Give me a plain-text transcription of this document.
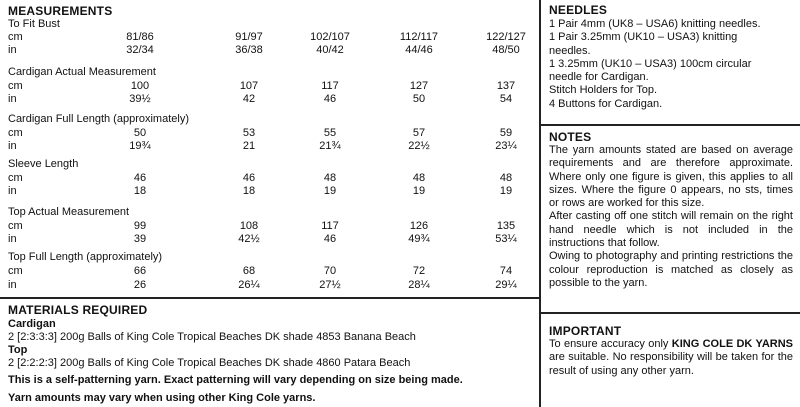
MEASUREMENTS
To Fit Bust
cm	81/86	91/97	102/107	112/117	122/127
in	32/34	36/38	40/42	44/46	48/50
Cardigan Actual Measurement
cm	100	107	117	127	137
in	39½	42	46	50	54
Cardigan Full Length (approximately)
cm	50	53	55	57	59
in	19¾	21	21¾	22½	23¼
Sleeve Length
cm	46	46	48	48	48
in	18	18	19	19	19
Top Actual Measurement
cm	99	108	117	126	135
in	39	42½	46	49¾	53¼
Top Full Length (approximately)
cm	66	68	70	72	74
in	26	26¼	27½	28¼	29¼
MATERIALS REQUIRED
Cardigan
2 [2:3:3:3] 200g Balls of King Cole Tropical Beaches DK shade 4853 Banana Beach
Top
2 [2:2:2:3] 200g Balls of King Cole Tropical Beaches DK shade 4860 Patara Beach
This is a self-patterning yarn. Exact patterning will vary depending on size being made.
Yarn amounts may vary when using other King Cole yarns.
NEEDLES

1 Pair 4mm (UK8 – USA6) knitting needles.

1 Pair 3.25mm (UK10 – USA3) knitting

needles.

1 3.25mm (UK10 – USA3) 100cm circular

needle for Cardigan.

Stitch Holders for Top.

4 Buttons for Cardigan.

NOTES

The yarn amounts stated are based on average requirements and are therefore approximate. Where only one figure is given, this applies to all sizes. Where the figure 0 appears, no sts, times or rows are worked for this size.

After casting off one stitch will remain on the right hand needle which is not included in the instructions that follow.

Owing to photography and printing restrictions the colour reproduction is matched as closely as possible to the yarn.

IMPORTANT
To ensure accuracy only KING COLE DK YARNS are suitable. No responsibility will be taken for the result of using any other yarn.
